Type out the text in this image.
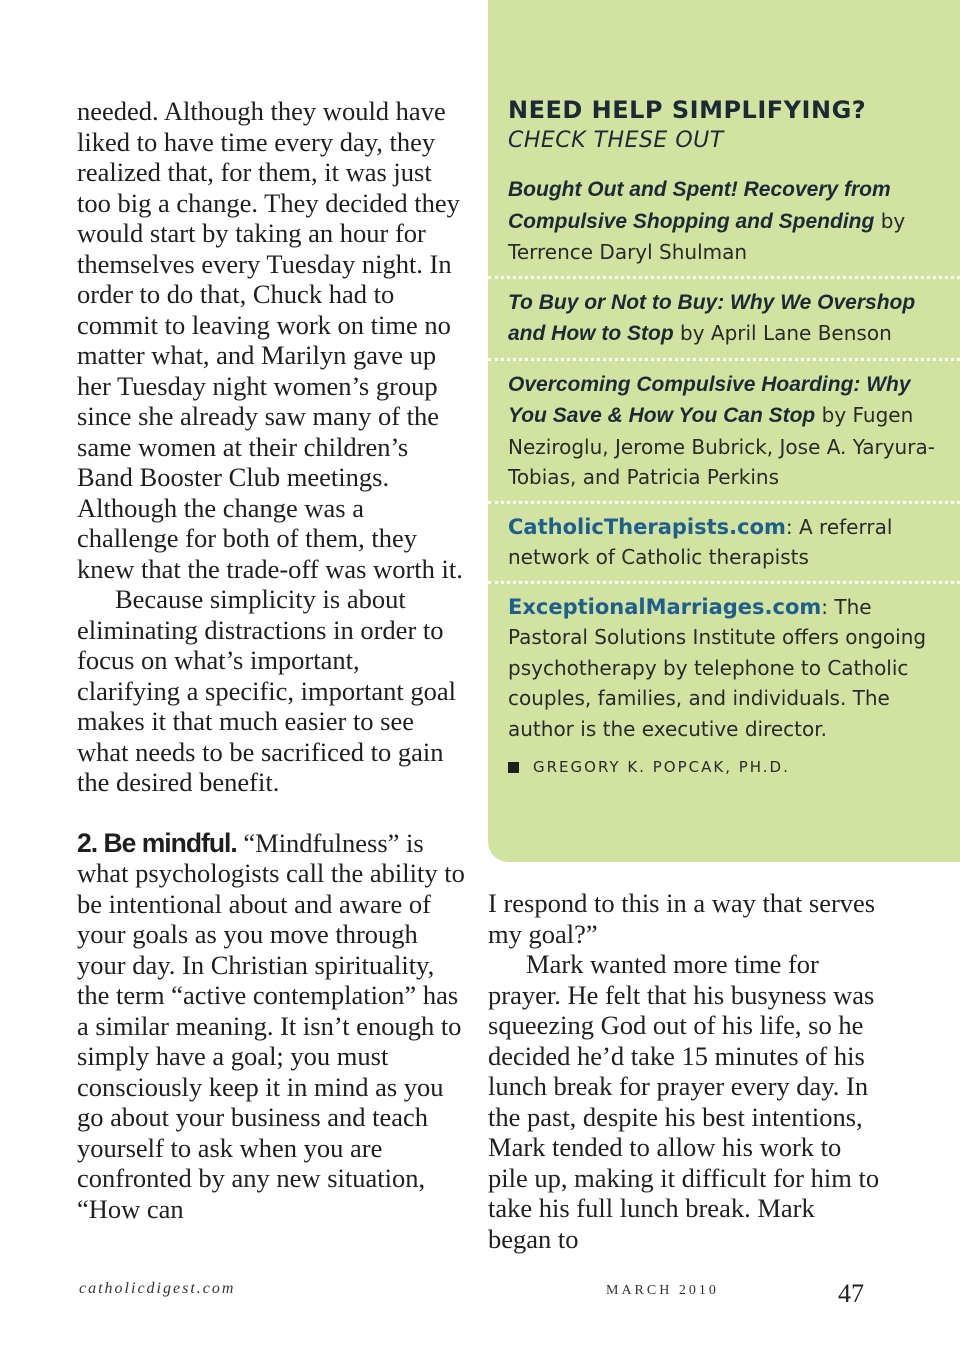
needed. Although they would have liked to have time every day, they realized that, for them, it was just too big a change. They decided they would start by taking an hour for themselves every Tuesday night. In order to do that, Chuck had to commit to leaving work on time no matter what, and Marilyn gave up her Tuesday night women’s group since she already saw many of the same women at their children’s Band Booster Club meetings. Although the change was a challenge for both of them, they knew that the trade-off was worth it.

Because simplicity is about eliminating distractions in order to focus on what’s important, clarifying a specific, important goal makes it that much easier to see what needs to be sacrificed to gain the desired benefit.

2. Be mindful. “Mindfulness” is what psychologists call the ability to be intentional about and aware of your goals as you move through your day. In Christian spirituality, the term “active contemplation” has a similar meaning. It isn’t enough to simply have a goal; you must consciously keep it in mind as you go about your business and teach yourself to ask when you are confronted by any new situation, “How can

NEED HELP SIMPLIFYING?
CHECK THESE OUT
Bought Out and Spent! Recovery from Compulsive Shopping and Spending by Terrence Daryl Shulman
To Buy or Not to Buy: Why We Overshop and How to Stop by April Lane Benson
Overcoming Compulsive Hoarding: Why You Save & How You Can Stop by Fugen Neziroglu, Jerome Bubrick, Jose A. Yaryura-Tobias, and Patricia Perkins
CatholicTherapists.com: A referral network of Catholic therapists
ExceptionalMarriages.com: The Pastoral Solutions Institute offers ongoing psychotherapy by telephone to Catholic couples, families, and individuals. The author is the executive director.
GREGORY K. POPCAK, PH.D.

I respond to this in a way that serves my goal?”

Mark wanted more time for prayer. He felt that his busyness was squeezing God out of his life, so he decided he’d take 15 minutes of his lunch break for prayer every day. In the past, despite his best intentions, Mark tended to allow his work to pile up, making it difficult for him to take his full lunch break. Mark began to

catholicdigest.com	MARCH 2010	47
